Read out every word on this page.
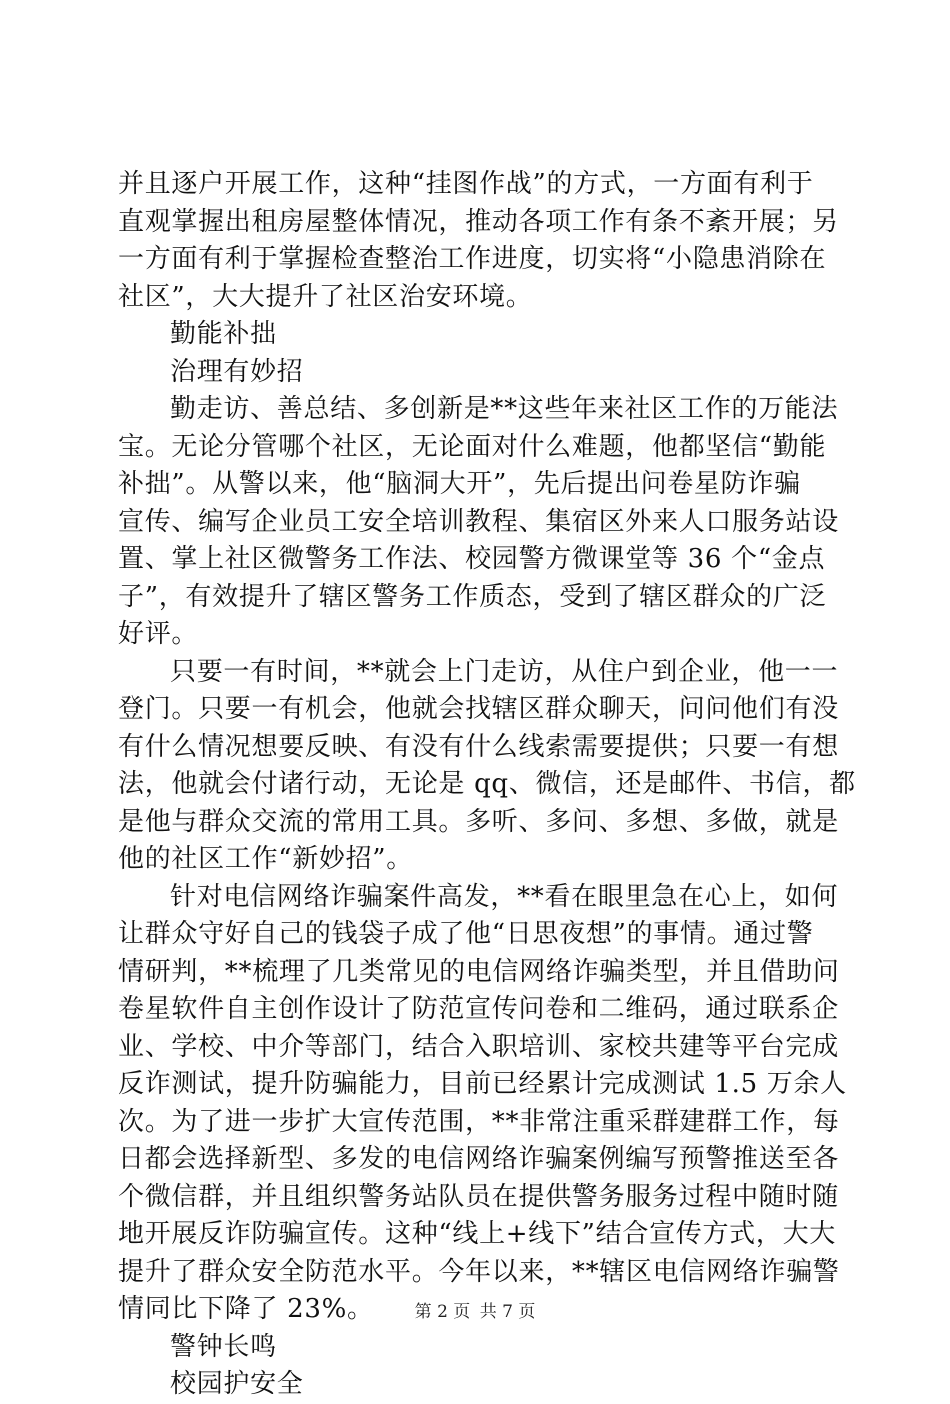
并且逐户开展工作，这种“挂图作战”的方式，一方面有利于
直观掌握出租房屋整体情况，推动各项工作有条不紊开展；另
一方面有利于掌握检查整治工作进度，切实将“小隐患消除在
社区”，大大提升了社区治安环境。
勤能补拙
治理有妙招
勤走访、善总结、多创新是**这些年来社区工作的万能法
宝。无论分管哪个社区，无论面对什么难题，他都坚信“勤能
补拙”。从警以来，他“脑洞大开”，先后提出问卷星防诈骗
宣传、编写企业员工安全培训教程、集宿区外来人口服务站设
置、掌上社区微警务工作法、校园警方微课堂等 36 个“金点
子”，有效提升了辖区警务工作质态，受到了辖区群众的广泛
好评。
只要一有时间，**就会上门走访，从住户到企业，他一一
登门。只要一有机会，他就会找辖区群众聊天，问问他们有没
有什么情况想要反映、有没有什么线索需要提供；只要一有想
法，他就会付诸行动，无论是 qq、微信，还是邮件、书信，都
是他与群众交流的常用工具。多听、多问、多想、多做，就是
他的社区工作“新妙招”。
针对电信网络诈骗案件高发，**看在眼里急在心上，如何
让群众守好自己的钱袋子成了他“日思夜想”的事情。通过警
情研判，**梳理了几类常见的电信网络诈骗类型，并且借助问
卷星软件自主创作设计了防范宣传问卷和二维码，通过联系企
业、学校、中介等部门，结合入职培训、家校共建等平台完成
反诈测试，提升防骗能力，目前已经累计完成测试 1.5 万余人
次。为了进一步扩大宣传范围，**非常注重采群建群工作，每
日都会选择新型、多发的电信网络诈骗案例编写预警推送至各
个微信群，并且组织警务站队员在提供警务服务过程中随时随
地开展反诈防骗宣传。这种“线上+线下”结合宣传方式，大大
提升了群众安全防范水平。今年以来，**辖区电信网络诈骗警
情同比下降了 23%。
警钟长鸣
校园护安全
第 2 页 共 7 页
